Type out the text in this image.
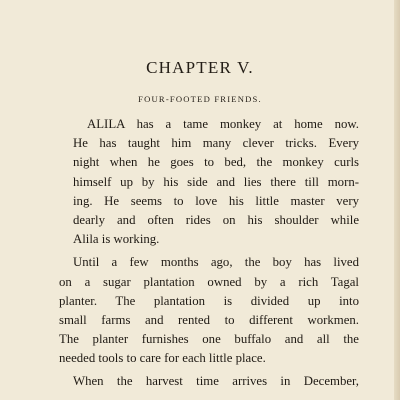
CHAPTER V.
FOUR-FOOTED FRIENDS.
ALILA has a tame monkey at home now.
He has taught him many clever tricks. Every
night when he goes to bed, the monkey curls
himself up by his side and lies there till morn-
ing. He seems to love his little master very
dearly and often rides on his shoulder while
Alila is working.
Until a few months ago, the boy has lived
on a sugar plantation owned by a rich Tagal
planter. The plantation is divided up into
small farms and rented to different workmen.
The planter furnishes one buffalo and all the
needed tools to care for each little place.
When the harvest time arrives in December,
